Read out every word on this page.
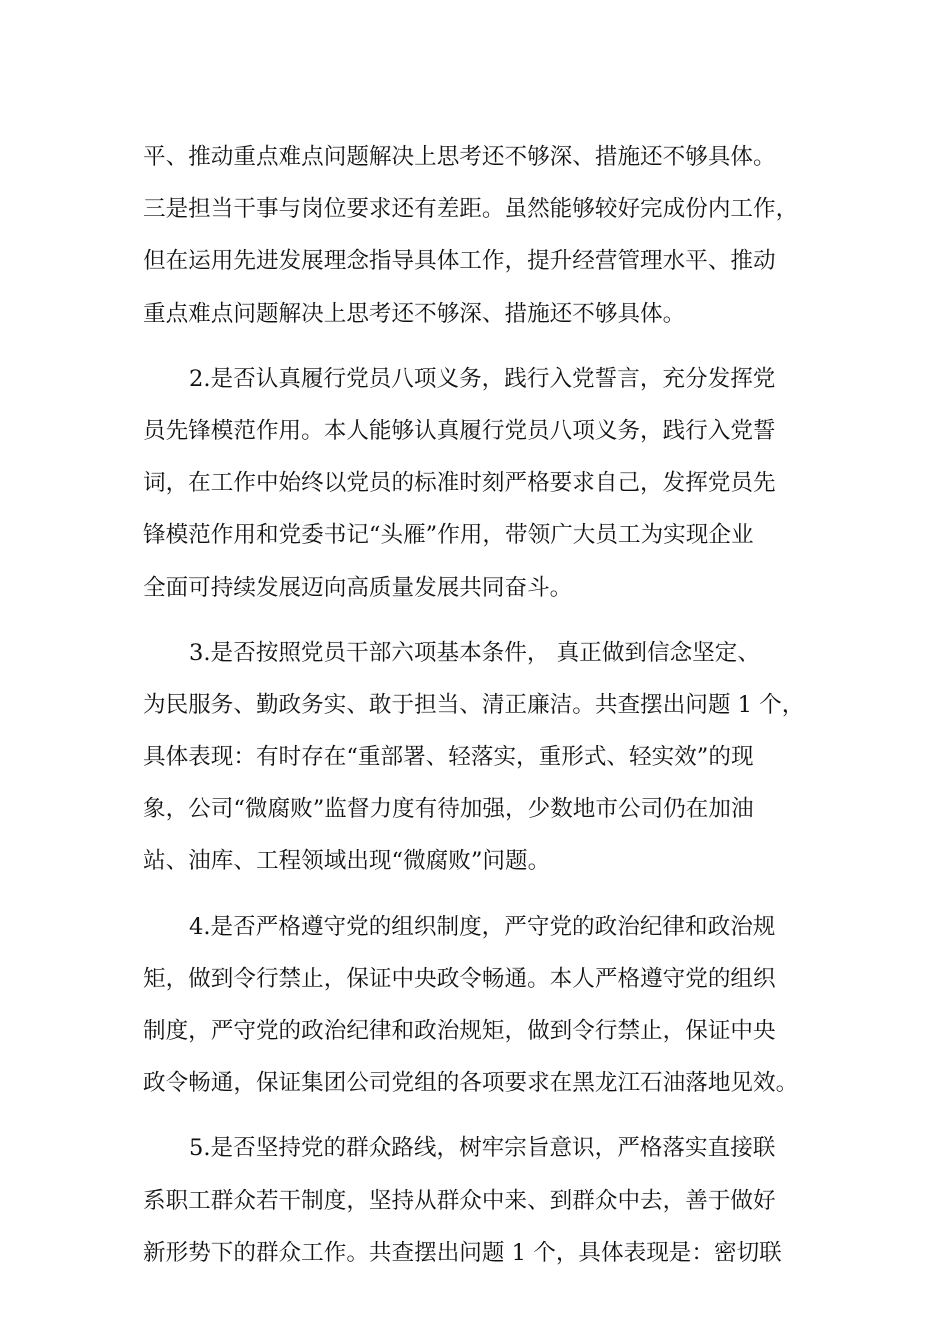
平、推动重点难点问题解决上思考还不够深、措施还不够具体。
三是担当干事与岗位要求还有差距。虽然能够较好完成份内工作，
但在运用先进发展理念指导具体工作，提升经营管理水平、推动
重点难点问题解决上思考还不够深、措施还不够具体。
2.是否认真履行党员八项义务，践行入党誓言，充分发挥党
员先锋模范作用。本人能够认真履行党员八项义务，践行入党誓
词，在工作中始终以党员的标准时刻严格要求自己，发挥党员先
锋模范作用和党委书记“头雁”作用，带领广大员工为实现企业
全面可持续发展迈向高质量发展共同奋斗。
3.是否按照党员干部六项基本条件， 真正做到信念坚定、
为民服务、勤政务实、敢于担当、清正廉洁。共查摆出问题 1 个，
具体表现：有时存在“重部署、轻落实，重形式、轻实效”的现
象，公司“微腐败”监督力度有待加强，少数地市公司仍在加油
站、油库、工程领域出现“微腐败”问题。
4.是否严格遵守党的组织制度，严守党的政治纪律和政治规
矩，做到令行禁止，保证中央政令畅通。本人严格遵守党的组织
制度，严守党的政治纪律和政治规矩，做到令行禁止，保证中央
政令畅通，保证集团公司党组的各项要求在黑龙江石油落地见效。
5.是否坚持党的群众路线，树牢宗旨意识，严格落实直接联
系职工群众若干制度，坚持从群众中来、到群众中去，善于做好
新形势下的群众工作。共查摆出问题 1 个，具体表现是：密切联
